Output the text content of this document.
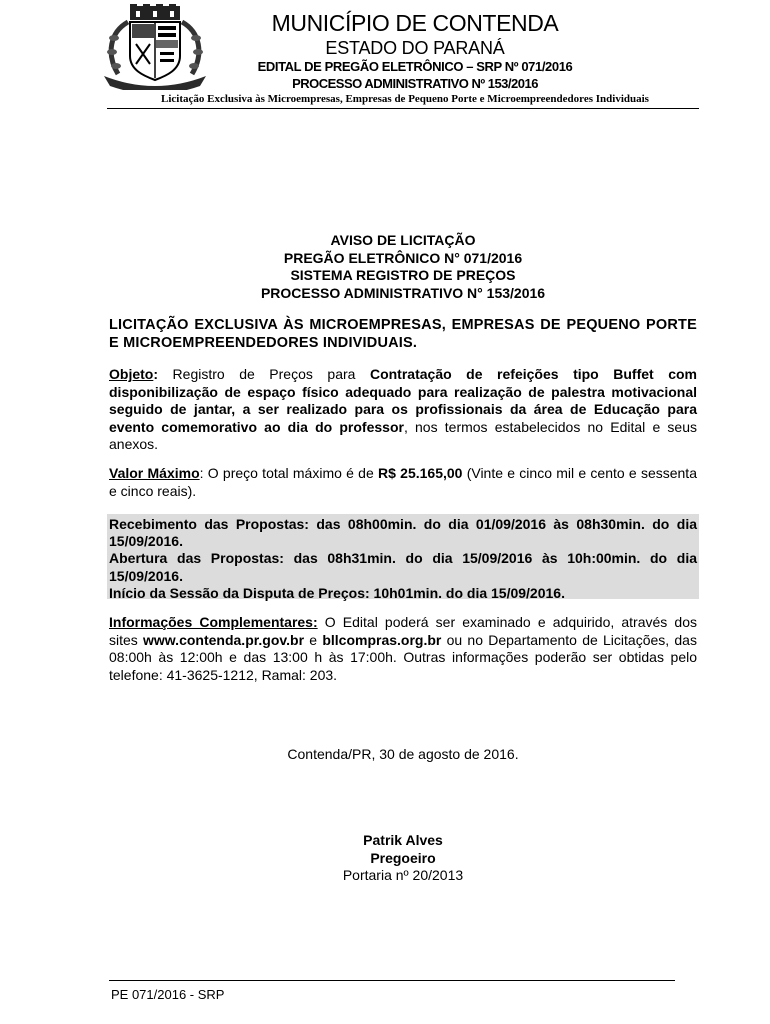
MUNICÍPIO DE CONTENDA
ESTADO DO PARANÁ
EDITAL DE PREGÃO ELETRÔNICO – SRP Nº 071/2016
PROCESSO ADMINISTRATIVO Nº 153/2016
Licitação Exclusiva às Microempresas, Empresas de Pequeno Porte e Microempreendedores Individuais
AVISO DE LICITAÇÃO
PREGÃO ELETRÔNICO N° 071/2016
SISTEMA REGISTRO DE PREÇOS
PROCESSO ADMINISTRATIVO N° 153/2016
LICITAÇÃO EXCLUSIVA ÀS MICROEMPRESAS, EMPRESAS DE PEQUENO PORTE E MICROEMPREENDEDORES INDIVIDUAIS.
Objeto: Registro de Preços para Contratação de refeições tipo Buffet com disponibilização de espaço físico adequado para realização de palestra motivacional seguido de jantar, a ser realizado para os profissionais da área de Educação para evento comemorativo ao dia do professor, nos termos estabelecidos no Edital e seus anexos.
Valor Máximo: O preço total máximo é de R$ 25.165,00 (Vinte e cinco mil e cento e sessenta e cinco reais).
Recebimento das Propostas: das 08h00min. do dia 01/09/2016 às 08h30min. do dia 15/09/2016.
Abertura das Propostas: das 08h31min. do dia 15/09/2016 às 10h:00min. do dia 15/09/2016.
Início da Sessão da Disputa de Preços: 10h01min. do dia 15/09/2016.
Informações Complementares: O Edital poderá ser examinado e adquirido, através dos sites www.contenda.pr.gov.br e bllcompras.org.br ou no Departamento de Licitações, das 08:00h às 12:00h e das 13:00 h às 17:00h. Outras informações poderão ser obtidas pelo telefone: 41-3625-1212, Ramal: 203.
Contenda/PR, 30 de agosto de 2016.
Patrik Alves
Pregoeiro
Portaria nº 20/2013
PE 071/2016 - SRP
